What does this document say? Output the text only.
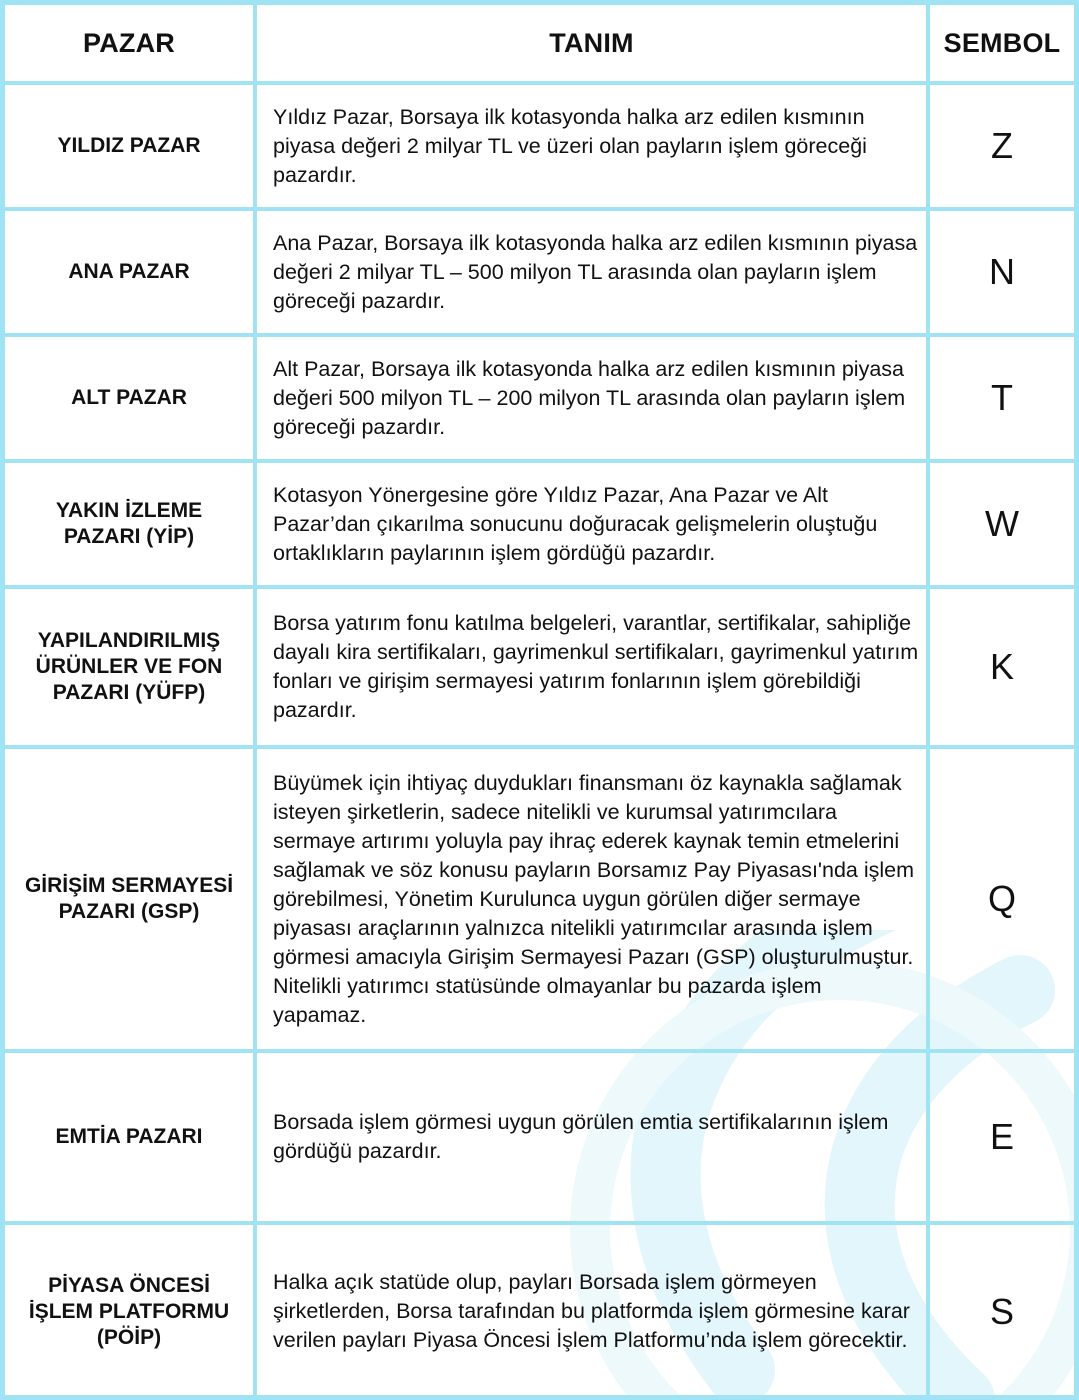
PAZAR	TANIM	SEMBOL
YILDIZ PAZAR	Yıldız Pazar, Borsaya ilk kotasyonda halka arz edilen kısmının piyasa değeri 2 milyar TL ve üzeri olan payların işlem göreceği pazardır.	Z
ANA PAZAR	Ana Pazar, Borsaya ilk kotasyonda halka arz edilen kısmının piyasa değeri 2 milyar TL – 500 milyon TL arasında olan payların işlem göreceği pazardır.	N
ALT PAZAR	Alt Pazar, Borsaya ilk kotasyonda halka arz edilen kısmının piyasa değeri 500 milyon TL – 200 milyon TL arasında olan payların işlem göreceği pazardır.	T
YAKIN İZLEME PAZARI (YİP)	Kotasyon Yönergesine göre Yıldız Pazar, Ana Pazar ve Alt Pazar’dan çıkarılma sonucunu doğuracak gelişmelerin oluştuğu ortaklıkların paylarının işlem gördüğü pazardır.	W
YAPILANDIRILMIŞ ÜRÜNLER VE FON PAZARI (YÜFP)	Borsa yatırım fonu katılma belgeleri, varantlar, sertifikalar, sahipliğe dayalı kira sertifikaları, gayrimenkul sertifikaları, gayrimenkul yatırım fonları ve girişim sermayesi yatırım fonlarının işlem görebildiği pazardır.	K
GİRİŞİM SERMAYESİ PAZARI (GSP)	Büyümek için ihtiyaç duydukları finansmanı öz kaynakla sağlamak isteyen şirketlerin, sadece nitelikli ve kurumsal yatırımcılara sermaye artırımı yoluyla pay ihraç ederek kaynak temin etmelerini sağlamak ve söz konusu payların Borsamız Pay Piyasası'nda işlem görebilmesi, Yönetim Kurulunca uygun görülen diğer sermaye piyasası araçlarının yalnızca nitelikli yatırımcılar arasında işlem görmesi amacıyla Girişim Sermayesi Pazarı (GSP) oluşturulmuştur. Nitelikli yatırımcı statüsünde olmayanlar bu pazarda işlem yapamaz.	Q
EMTİA PAZARI	Borsada işlem görmesi uygun görülen emtia sertifikalarının işlem gördüğü pazardır.	E
PİYASA ÖNCESİ İŞLEM PLATFORMU (PÖİP)	Halka açık statüde olup, payları Borsada işlem görmeyen şirketlerden, Borsa tarafından bu platformda işlem görmesine karar verilen payları Piyasa Öncesi İşlem Platformu’nda işlem görecektir.	S
